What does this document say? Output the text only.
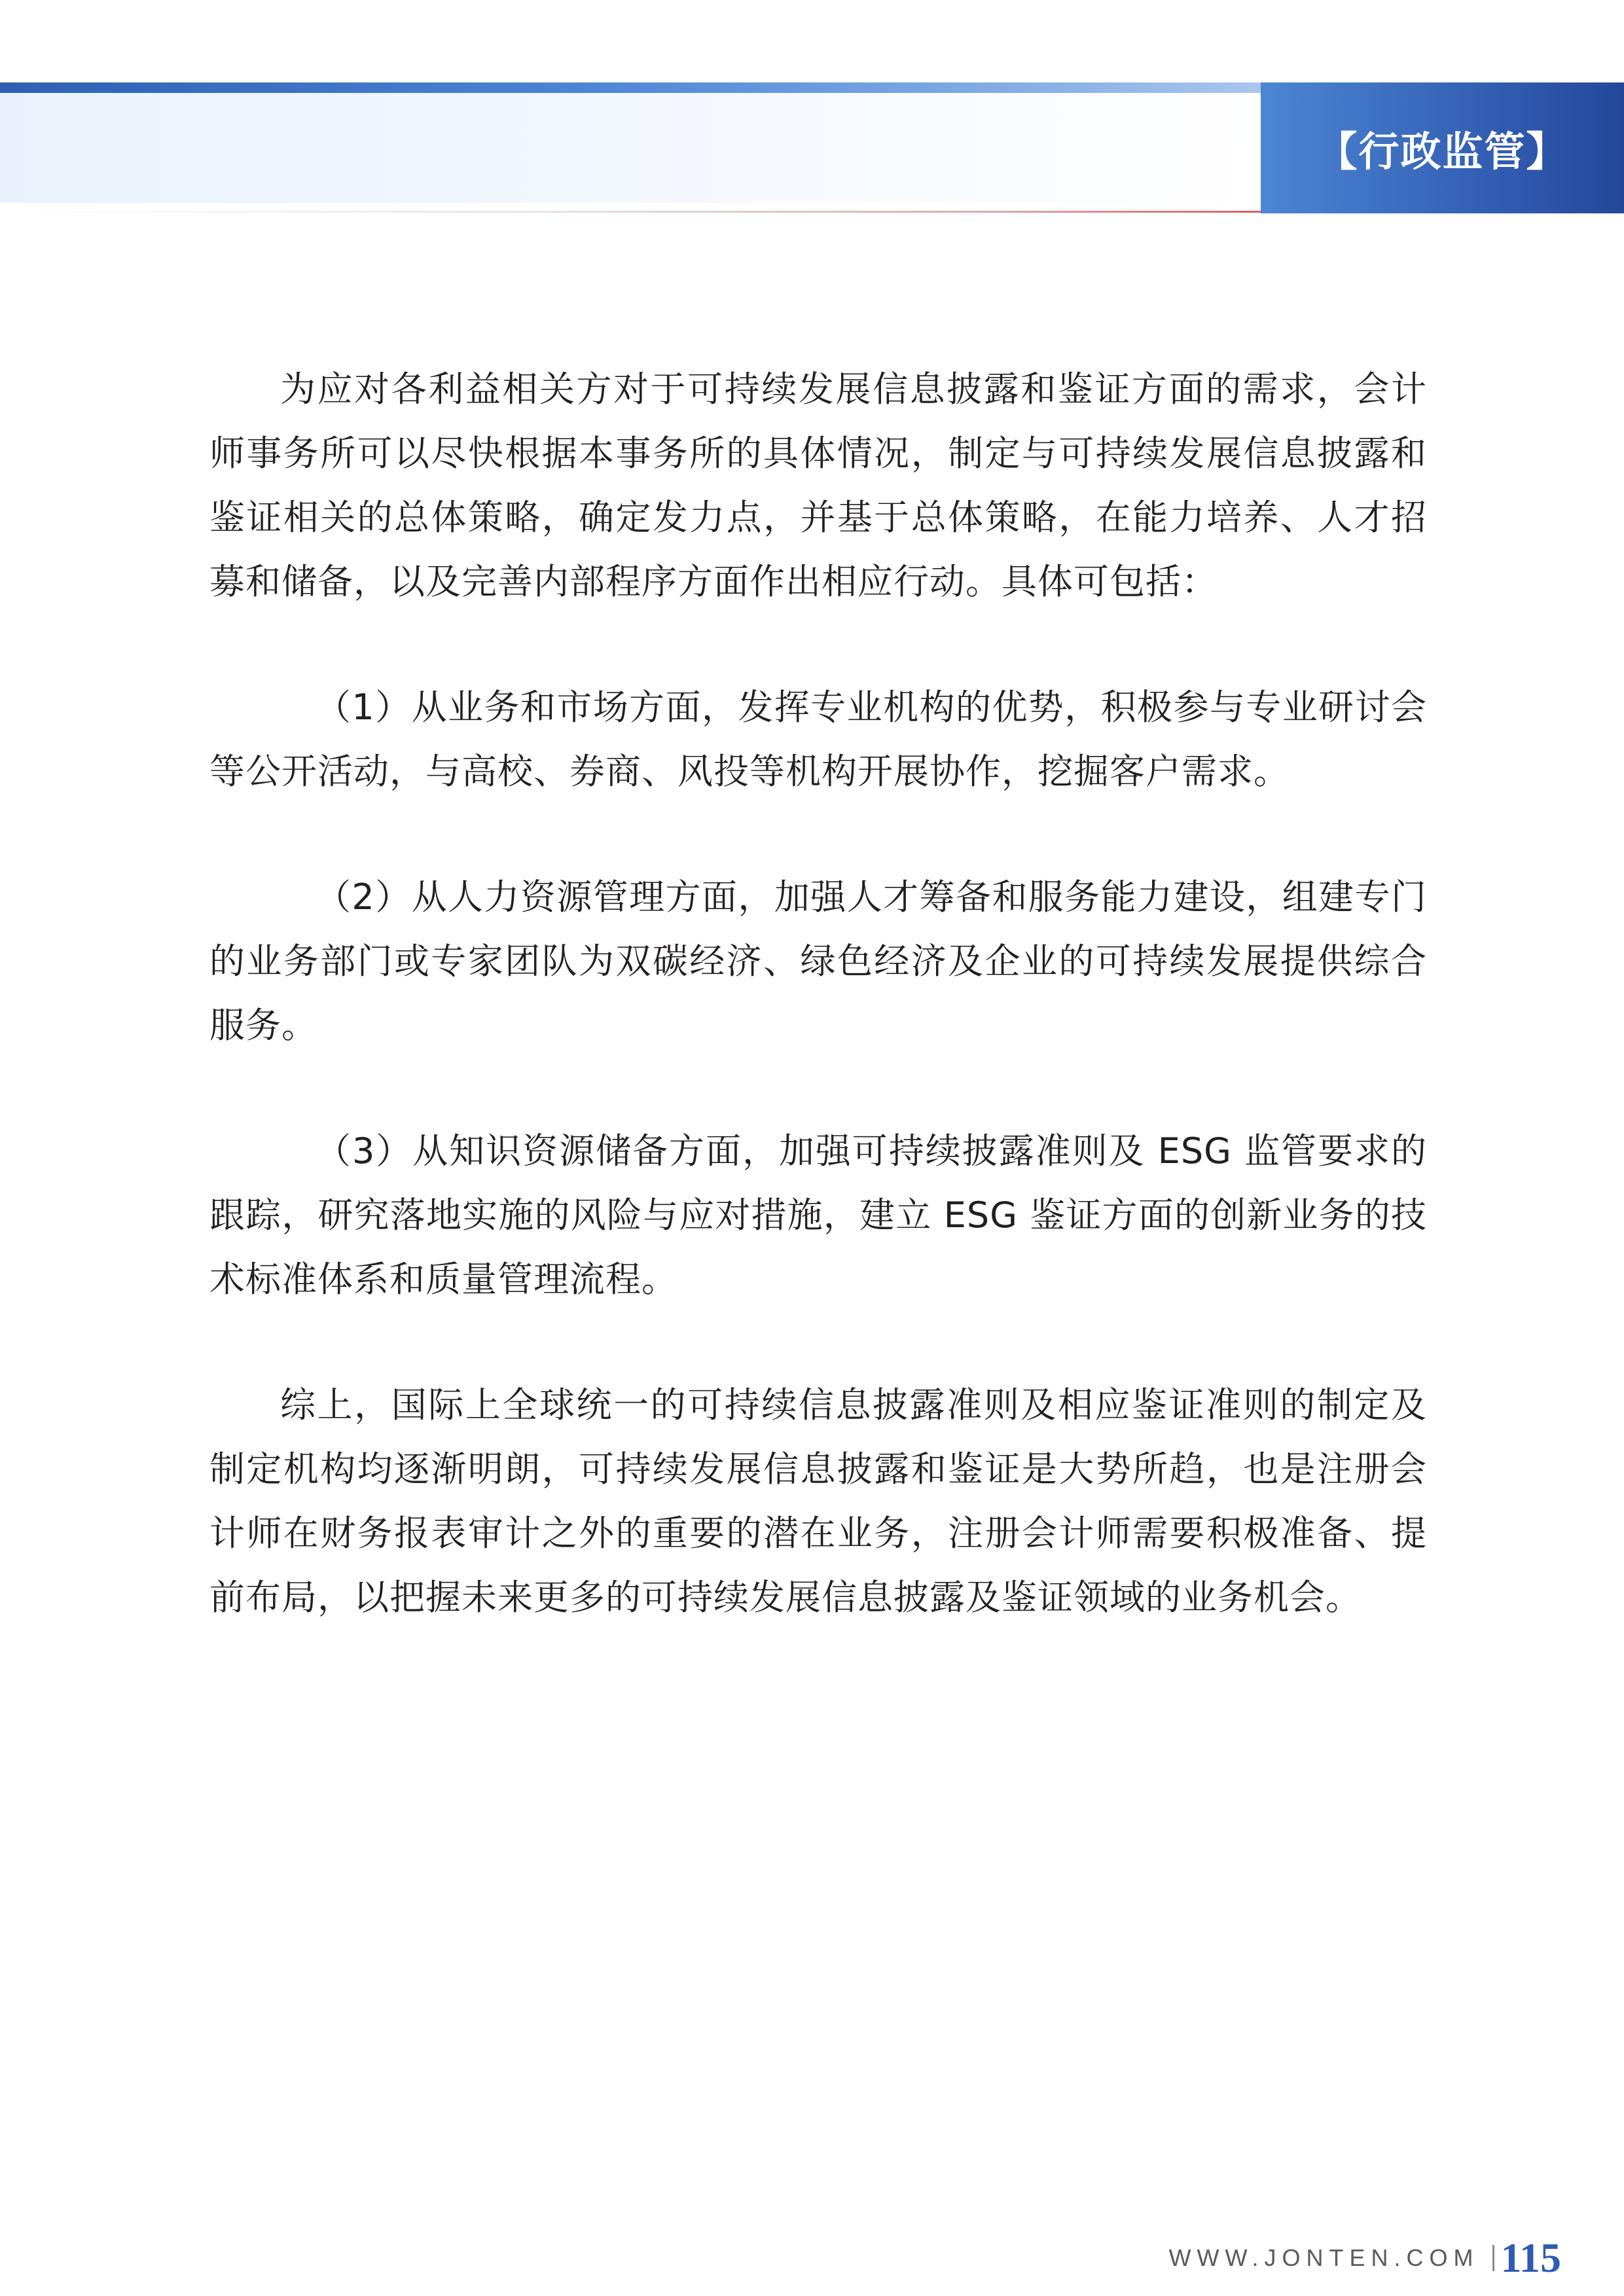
【行政监管】

为应对各利益相关方对于可持续发展信息披露和鉴证方面的需求，会计师事务所可以尽快根据本事务所的具体情况，制定与可持续发展信息披露和鉴证相关的总体策略，确定发力点，并基于总体策略，在能力培养、人才招募和储备，以及完善内部程序方面作出相应行动。具体可包括：

（1）从业务和市场方面，发挥专业机构的优势，积极参与专业研讨会等公开活动，与高校、券商、风投等机构开展协作，挖掘客户需求。

（2）从人力资源管理方面，加强人才筹备和服务能力建设，组建专门的业务部门或专家团队为双碳经济、绿色经济及企业的可持续发展提供综合服务。

（3）从知识资源储备方面，加强可持续披露准则及 ESG 监管要求的跟踪，研究落地实施的风险与应对措施，建立 ESG 鉴证方面的创新业务的技术标准体系和质量管理流程。

综上，国际上全球统一的可持续信息披露准则及相应鉴证准则的制定及制定机构均逐渐明朗，可持续发展信息披露和鉴证是大势所趋，也是注册会计师在财务报表审计之外的重要的潜在业务，注册会计师需要积极准备、提前布局，以把握未来更多的可持续发展信息披露及鉴证领域的业务机会。

WWW.JONTEN.COM 115
